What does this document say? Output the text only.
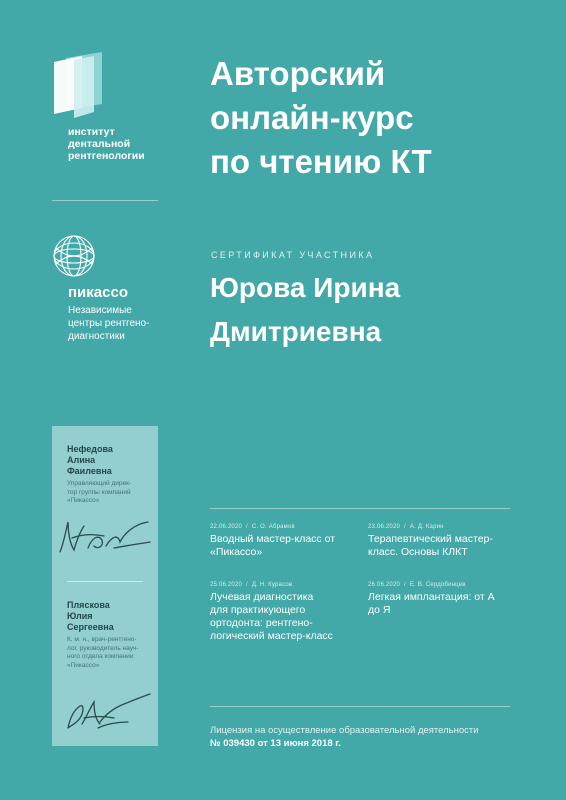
институт
дентальной
рентгенологии
пикассо
Независимые
центры рентгено-
диагностики
Авторский
онлайн-курс
по чтению КТ
СЕРТИФИКАТ УЧАСТНИКА
Юрова Ирина
Дмитриевна
Нефедова
Алина
Фаилевна
Управляющий дирек-
тор группы компаний
«Пикассо»
Пляскова
Юлия
Сергеевна
К. м. н., врач-рентгено-
лог, руководитель науч-
ного отдела компании
«Пикассо»
22.06.2020 / С. О. Абрамов
Вводный мастер-класс от
«Пикассо»
23.06.2020 / А. Д. Карин
Терапевтический мастер-
класс. Основы КЛКТ
25.06.2020 / Д. Н. Курасов
Лучевая диагностика
для практикующего
ортодонта: рентгено-
логический мастер-класс
26.06.2020 / Е. В. Сердобинцев
Легкая имплантация: от А
до Я
Лицензия на осуществление образовательной деятельности
№ 039430 от 13 июня 2018 г.
